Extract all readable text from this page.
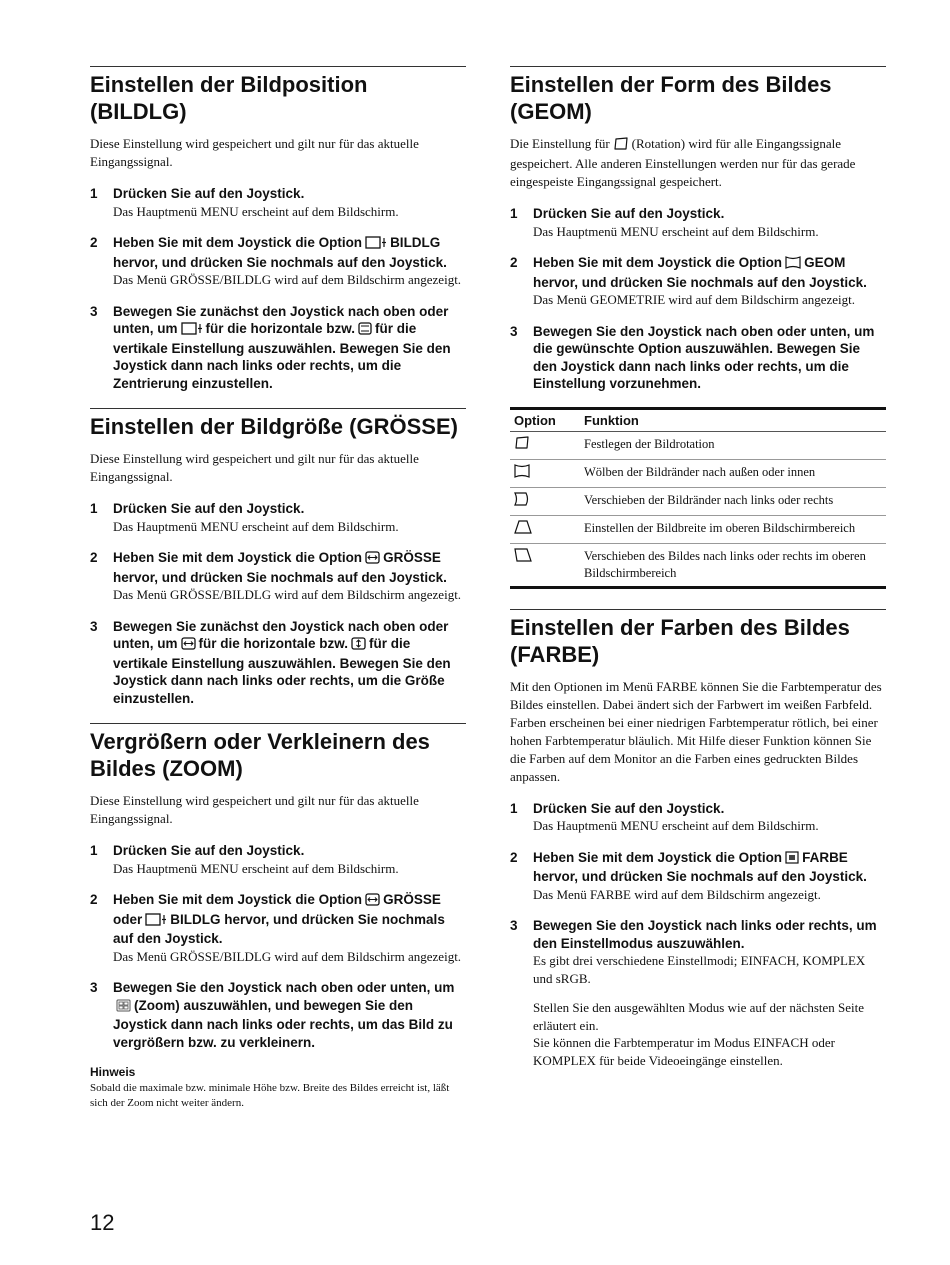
Einstellen der Bildposition
(BILDLG)

Diese Einstellung wird gespeichert und gilt nur für das aktuelle Eingangssignal.

1	Drücken Sie auf den Joystick.

Das Hauptmenü MENU erscheint auf dem Bildschirm.

2	Heben Sie mit dem Joystick die Option BILDLG hervor, und drücken Sie nochmals auf den Joystick.

Das Menü GRÖSSE/BILDLG wird auf dem Bildschirm angezeigt.

3	Bewegen Sie zunächst den Joystick nach oben oder unten, um für die horizontale bzw. für die vertikale Einstellung auszuwählen. Bewegen Sie den Joystick dann nach links oder rechts, um die Zentrierung einzustellen.

Einstellen der Bildgröße (GRÖSSE)

Diese Einstellung wird gespeichert und gilt nur für das aktuelle Eingangssignal.

1	Drücken Sie auf den Joystick.

Das Hauptmenü MENU erscheint auf dem Bildschirm.

2	Heben Sie mit dem Joystick die Option GRÖSSE hervor, und drücken Sie nochmals auf den Joystick.

Das Menü GRÖSSE/BILDLG wird auf dem Bildschirm angezeigt.

3	Bewegen Sie zunächst den Joystick nach oben oder unten, um für die horizontale bzw. für die vertikale Einstellung auszuwählen. Bewegen Sie den Joystick dann nach links oder rechts, um die Größe einzustellen.

Vergrößern oder Verkleinern des
Bildes (ZOOM)

Diese Einstellung wird gespeichert und gilt nur für das aktuelle Eingangssignal.

1	Drücken Sie auf den Joystick.

Das Hauptmenü MENU erscheint auf dem Bildschirm.

2	Heben Sie mit dem Joystick die Option GRÖSSE oder BILDLG hervor, und drücken Sie nochmals auf den Joystick.

Das Menü GRÖSSE/BILDLG wird auf dem Bildschirm angezeigt.

3	Bewegen Sie den Joystick nach oben oder unten, um(Zoom) auszuwählen, und bewegen Sie den Joystick dann nach links oder rechts, um das Bild zu vergrößern bzw. zu verkleinern.

Hinweis

Sobald die maximale bzw. minimale Höhe bzw. Breite des Bildes erreicht ist, läßt sich der Zoom nicht weiter ändern.

Einstellen der Form des Bildes
(GEOM)

Die Einstellung für (Rotation) wird für alle Eingangssignale gespeichert. Alle anderen Einstellungen werden nur für das gerade eingespeiste Eingangssignal gespeichert.

1	Drücken Sie auf den Joystick.

Das Hauptmenü MENU erscheint auf dem Bildschirm.

2	Heben Sie mit dem Joystick die Option GEOM hervor, und drücken Sie nochmals auf den Joystick.

Das Menü GEOMETRIE wird auf dem Bildschirm angezeigt.

3	Bewegen Sie den Joystick nach oben oder unten, um die gewünschte Option auszuwählen. Bewegen Sie den Joystick dann nach links oder rechts, um die Einstellung vorzunehmen.

Option	Funktion
	Festlegen der Bildrotation
	Wölben der Bildränder nach außen oder innen
	Verschieben der Bildränder nach links oder rechts
	Einstellen der Bildbreite im oberen Bildschirmbereich
	Verschieben des Bildes nach links oder rechts im oberen Bildschirmbereich
Einstellen der Farben des Bildes
(FARBE)

Mit den Optionen im Menü FARBE können Sie die Farbtemperatur des Bildes einstellen. Dabei ändert sich der Farbwert im weißen Farbfeld. Farben erscheinen bei einer niedrigen Farbtemperatur rötlich, bei einer hohen Farbtemperatur bläulich. Mit Hilfe dieser Funktion können Sie die Farben auf dem Monitor an die Farben eines gedruckten Bildes anpassen.

1	Drücken Sie auf den Joystick.

Das Hauptmenü MENU erscheint auf dem Bildschirm.

2	Heben Sie mit dem Joystick die Option FARBE hervor, und drücken Sie nochmals auf den Joystick.

Das Menü FARBE wird auf dem Bildschirm angezeigt.

3	Bewegen Sie den Joystick nach links oder rechts, um den Einstellmodus auszuwählen.

Es gibt drei verschiedene Einstellmodi; EINFACH, KOMPLEX und sRGB.

Stellen Sie den ausgewählten Modus wie auf der nächsten Seite erläutert ein.

Sie können die Farbtemperatur im Modus EINFACH oder KOMPLEX für beide Videoeingänge einstellen.

12
